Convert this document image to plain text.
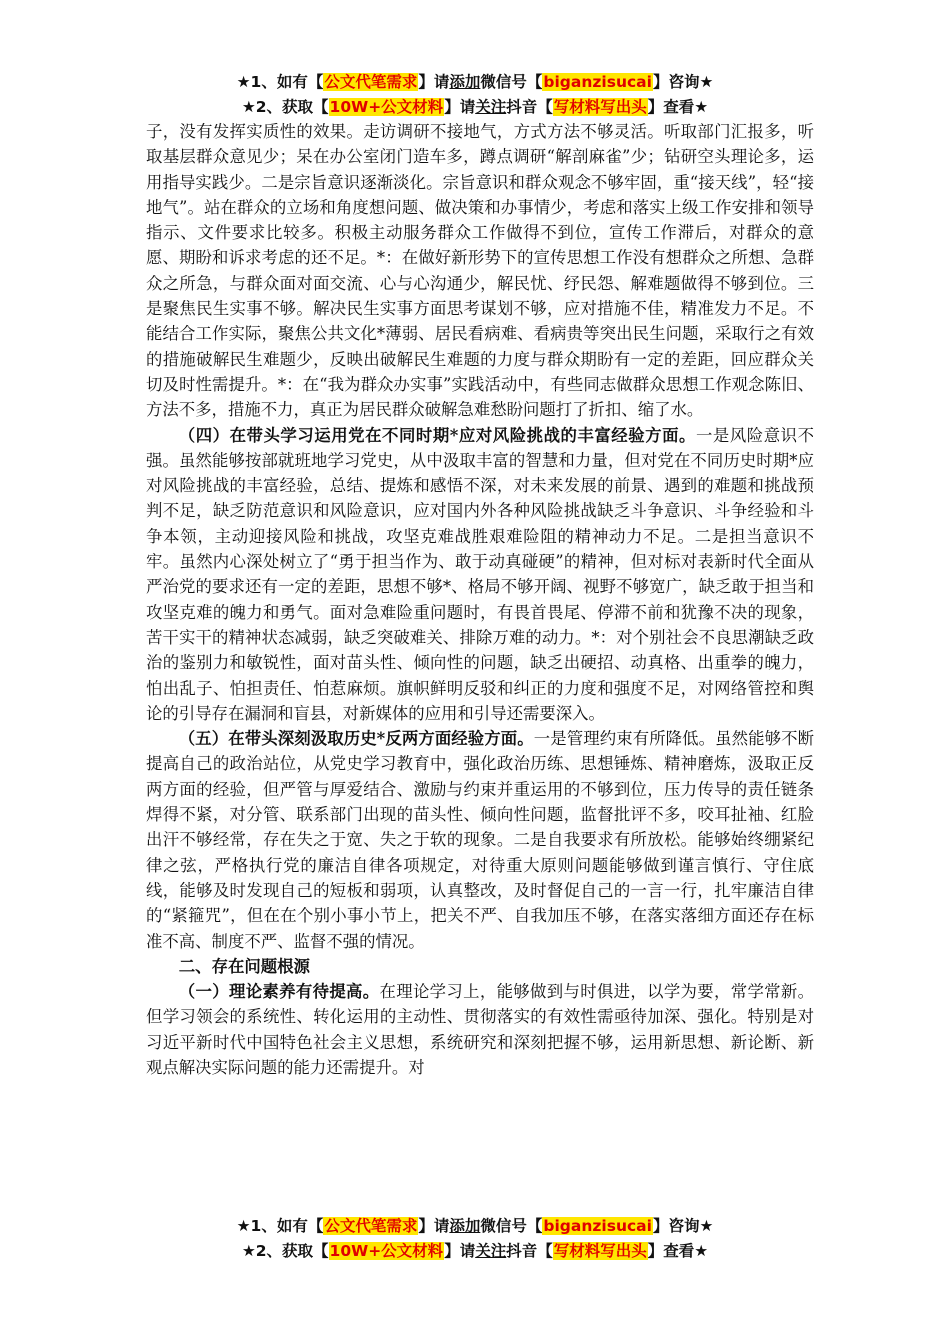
★1、如有【公文代笔需求】请添加微信号【biganzisucai】咨询★
★2、获取【10W+公文材料】请关注抖音【写材料写出头】查看★

子，没有发挥实质性的效果。走访调研不接地气，方式方法不够灵活。听取部门汇报多，听取基层群众意见少；呆在办公室闭门造车多，蹲点调研“解剖麻雀”少；钻研空头理论多，运用指导实践少。二是宗旨意识逐渐淡化。宗旨意识和群众观念不够牢固，重“接天线”，轻“接地气”。站在群众的立场和角度想问题、做决策和办事情少，考虑和落实上级工作安排和领导指示、文件要求比较多。积极主动服务群众工作做得不到位，宣传工作滞后，对群众的意愿、期盼和诉求考虑的还不足。*：在做好新形势下的宣传思想工作没有想群众之所想、急群众之所急，与群众面对面交流、心与心沟通少，解民忧、纾民怨、解难题做得不够到位。三是聚焦民生实事不够。解决民生实事方面思考谋划不够，应对措施不佳，精准发力不足。不能结合工作实际，聚焦公共文化*薄弱、居民看病难、看病贵等突出民生问题，采取行之有效的措施破解民生难题少，反映出破解民生难题的力度与群众期盼有一定的差距，回应群众关切及时性需提升。*：在“我为群众办实事”实践活动中，有些同志做群众思想工作观念陈旧、方法不多，措施不力，真正为居民群众破解急难愁盼问题打了折扣、缩了水。

（四）在带头学习运用党在不同时期*应对风险挑战的丰富经验方面。一是风险意识不强。虽然能够按部就班地学习党史，从中汲取丰富的智慧和力量，但对党在不同历史时期*应对风险挑战的丰富经验，总结、提炼和感悟不深，对未来发展的前景、遇到的难题和挑战预判不足，缺乏防范意识和风险意识，应对国内外各种风险挑战缺乏斗争意识、斗争经验和斗争本领，主动迎接风险和挑战，攻坚克难战胜艰难险阻的精神动力不足。二是担当意识不牢。虽然内心深处树立了“勇于担当作为、敢于动真碰硬”的精神，但对标对表新时代全面从严治党的要求还有一定的差距，思想不够*、格局不够开阔、视野不够宽广，缺乏敢于担当和攻坚克难的魄力和勇气。面对急难险重问题时，有畏首畏尾、停滞不前和犹豫不决的现象，苦干实干的精神状态减弱，缺乏突破难关、排除万难的动力。*：对个别社会不良思潮缺乏政治的鉴别力和敏锐性，面对苗头性、倾向性的问题，缺乏出硬招、动真格、出重拳的魄力，怕出乱子、怕担责任、怕惹麻烦。旗帜鲜明反驳和纠正的力度和强度不足，对网络管控和舆论的引导存在漏洞和盲县，对新媒体的应用和引导还需要深入。

（五）在带头深刻汲取历史*反两方面经验方面。一是管理约束有所降低。虽然能够不断提高自己的政治站位，从党史学习教育中，强化政治历练、思想锤炼、精神磨炼，汲取正反两方面的经验，但严管与厚爱结合、激励与约束并重运用的不够到位，压力传导的责任链条焊得不紧，对分管、联系部门出现的苗头性、倾向性问题，监督批评不多，咬耳扯袖、红脸出汗不够经常，存在失之于宽、失之于软的现象。二是自我要求有所放松。能够始终绷紧纪律之弦，严格执行党的廉洁自律各项规定，对待重大原则问题能够做到谨言慎行、守住底线，能够及时发现自己的短板和弱项，认真整改，及时督促自己的一言一行，扎牢廉洁自律的“紧箍咒”，但在在个别小事小节上，把关不严、自我加压不够，在落实落细方面还存在标准不高、制度不严、监督不强的情况。

二、存在问题根源

（一）理论素养有待提高。在理论学习上，能够做到与时俱进，以学为要，常学常新。但学习领会的系统性、转化运用的主动性、贯彻落实的有效性需亟待加深、强化。特别是对习近平新时代中国特色社会主义思想，系统研究和深刻把握不够，运用新思想、新论断、新观点解决实际问题的能力还需提升。对

★1、如有【公文代笔需求】请添加微信号【biganzisucai】咨询★
★2、获取【10W+公文材料】请关注抖音【写材料写出头】查看★
